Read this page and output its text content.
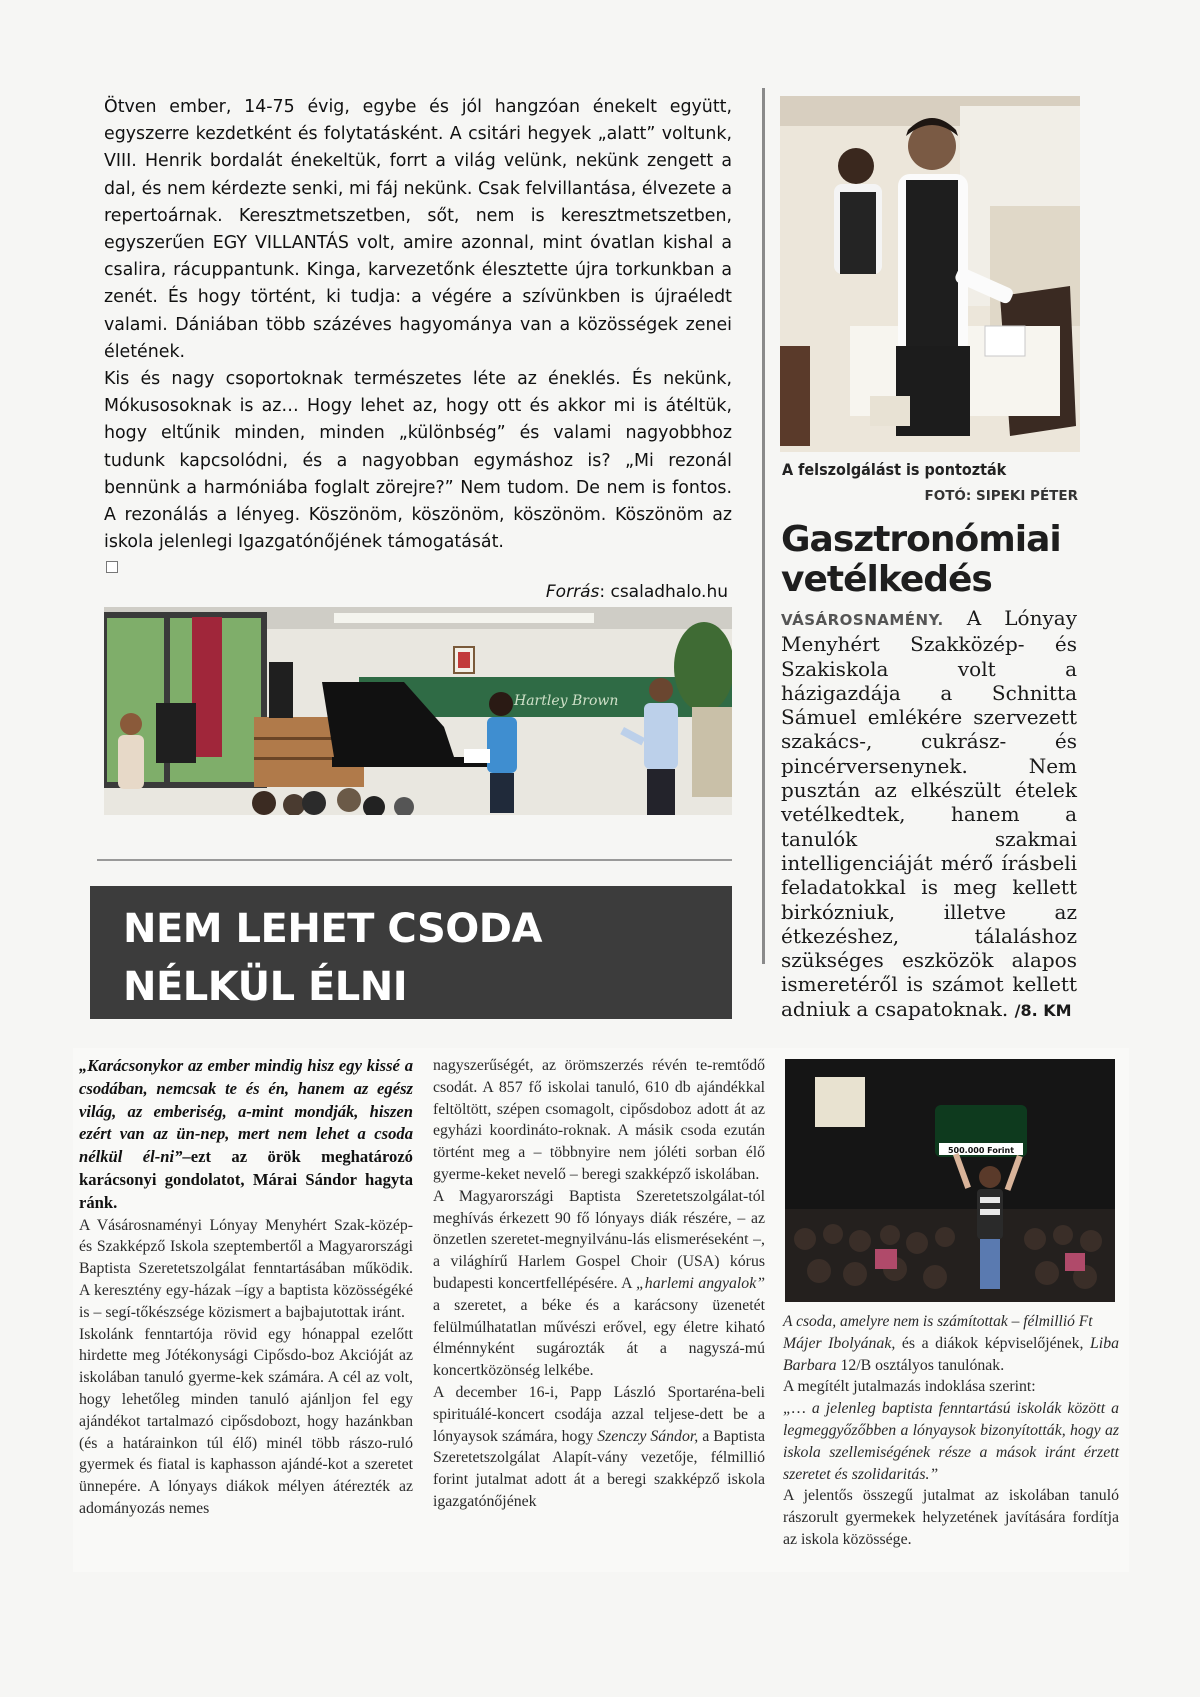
Ötven ember, 14-75 évig, egybe és jól hangzóan énekelt együtt, egyszerre kezdetként és folytatásként. A csitári hegyek „alatt” voltunk, VIII. Henrik bordalát énekeltük, forrt a világ velünk, nekünk zengett a dal, és nem kérdezte senki, mi fáj nekünk. Csak felvillantása, élvezete a repertoárnak. Keresztmetszetben, sőt, nem is keresztmetszetben, egyszerűen EGY VILLANTÁS volt, amire azonnal, mint óvatlan kishal a csalira, rácuppantunk. Kinga, karvezetőnk élesztette újra torkunkban a zenét. És hogy történt, ki tudja: a végére a szívünkben is újraéledt valami. Dániában több százéves hagyománya van a közösségek zenei életének.

Kis és nagy csoportoknak természetes léte az éneklés. És nekünk, Mókusosoknak is az… Hogy lehet az, hogy ott és akkor mi is átéltük, hogy eltűnik minden, minden „különbség” és valami nagyobbhoz tudunk kapcsolódni, és a nagyobban egymáshoz is? „Mi rezonál bennünk a harmóniába foglalt zörejre?” Nem tudom. De nem is fontos. A rezonálás a lényeg. Köszönöm, köszönöm, köszönöm. Köszönöm az iskola jelenlegi Igazgatónőjének támogatását.

Forrás: csaladhalo.hu
Hartley Brown
NEM LEHET CSODA NÉLKÜL ÉLNI
A felszolgálást is pontozták
FOTÓ: SIPEKI PÉTER
Gasztronómiai vetélkedés
VÁSÁROSNAMÉNY. A Lónyay Menyhért Szakközép- és Szakiskola volt a házigazdája a Schnitta Sámuel emlékére szervezett szakács-, cukrász- és pincérversenynek. Nem pusztán az elkészült ételek vetélkedtek, hanem a tanulók szakmai intelligenciáját mérő írásbeli feladatokkal is meg kellett birkózniuk, illetve az étkezéshez, tálaláshoz szükséges eszközök alapos ismeretéről is számot kellett adniuk a csapatoknak. /8. KM

„Karácsonykor az ember mindig hisz egy kissé a csodában, nemcsak te és én, hanem az egész világ, az emberiség, a-mint mondják, hiszen ezért van az ün-nep, mert nem lehet a csoda nélkül él-ni”–ezt az örök meghatározó karácsonyi gondolatot, Márai Sándor hagyta ránk.

A Vásárosnaményi Lónyay Menyhért Szak-közép- és Szakképző Iskola szeptembertől a Magyarországi Baptista Szeretetszolgálat fenntartásában működik. A keresztény egy-házak –így a baptista közösségéké is – segí-tőkészsége közismert a bajbajutottak iránt.

Iskolánk fenntartója rövid egy hónappal ezelőtt hirdette meg Jótékonysági Cipősdo-boz Akcióját az iskolában tanuló gyerme-kek számára. A cél az volt, hogy lehetőleg minden tanuló ajánljon fel egy ajándékot tartalmazó cipősdobozt, hogy hazánkban (és a határainkon túl élő) minél több rászo-ruló gyermek és fiatal is kaphasson ajándé-kot a szeretet ünnepére. A lónyays diákok mélyen átérezték az adományozás nemes

nagyszerűségét, az örömszerzés révén te-remtődő csodát. A 857 fő iskolai tanuló, 610 db ajándékkal feltöltött, szépen csomagolt, cipősdoboz adott át az egyházi koordináto-roknak. A másik csoda ezután történt meg a – többnyire nem jóléti sorban élő gyerme-keket nevelő – beregi szakképző iskolában.

A Magyarországi Baptista Szeretetszolgálat-tól meghívás érkezett 90 fő lónyays diák részére, – az önzetlen szeretet-megnyilvánu-lás elismeréseként –, a világhírű Harlem Gospel Choir (USA) kórus budapesti koncertfellépésére. A „harlemi angyalok” a szeretet, a béke és a karácsony üzenetét felülmúlhatatlan művészi erővel, egy életre kiható élménnyként sugározták át a nagyszá-mú koncertközönség lelkébe.

A december 16-i, Papp László Sportaréna-beli spirituálé-koncert csodája azzal teljese-dett be a lónyaysok számára, hogy Szenczy Sándor, a Baptista Szeretetszolgálat Alapít-vány vezetője, félmillió forint jutalmat adott át a beregi szakképző iskola igazgatónőjének

500.000 Forint

A csoda, amelyre nem is számítottak – félmillió Ft

Májer Ibolyának, és a diákok képviselőjének, Liba Barbara 12/B osztályos tanulónak.

A megítélt jutalmazás indoklása szerint:

„… a jelenleg baptista fenntartású iskolák között a legmeggyőzőbben a lónyaysok bizonyították, hogy az iskola szellemiségének része a mások iránt érzett szeretet és szolidaritás.”

A jelentős összegű jutalmat az iskolában tanuló rászorult gyermekek helyzetének javítására fordítja az iskola közössége.
